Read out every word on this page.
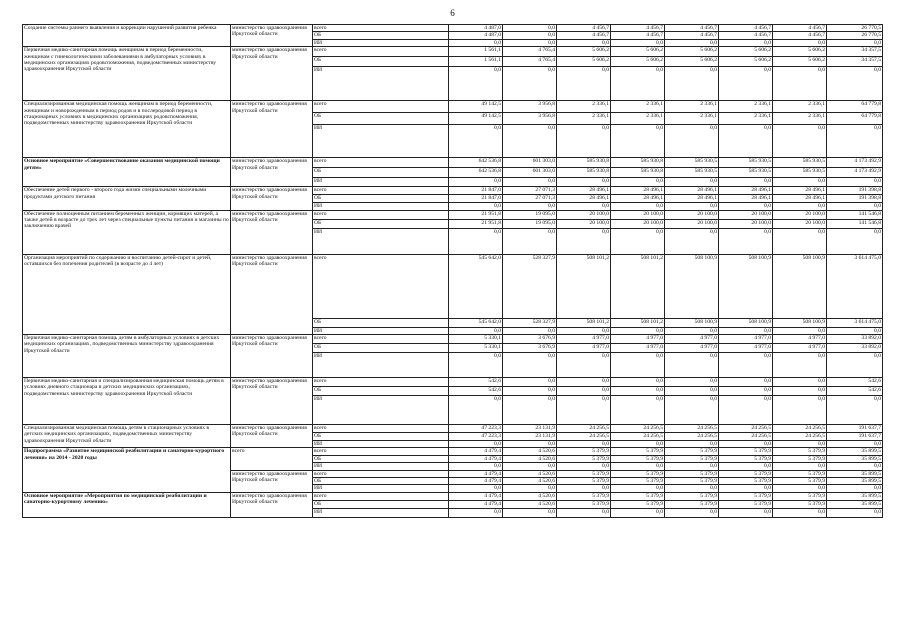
6
Создание системы раннего выявления и коррекции нарушений развития ребенка	министерство здравоохранения Иркутской области	всего	4 487,0	0,0	4 456,7	4 456,7	4 456,7	4 456,7	4 456,7	26 770,5
		ОБ	4 487,0	0,0	4 456,7	4 456,7	4 456,7	4 456,7	4 456,7	26 770,5
		ИИ	0,0	0,0	0,0	0,0	0,0	0,0	0,0	0,0
Первичная медико-санитарная помощь женщинам в период беременности, женщинам с гинекологическими заболеваниями в амбулаторных условиях в медицинских организациях родовспоможения, подведомственных министерству здравоохранения Иркутской области	министерство здравоохранения Иркутской области	всего	1 561,1	4 765,4	5 606,2	5 606,2	5 606,2	5 606,2	5 606,2	34 357,5
		ОБ	1 561,1	4 765,4	5 606,2	5 606,2	5 606,2	5 606,2	5 606,2	34 357,5
		ИИ	0,0	0,0	0,0	0,0	0,0	0,0	0,0	0,0
Специализированная медицинская помощь женщинам в период беременности, женщинам и новорожденным в период родов и в послеродовой период в стационарных условиях в медицинских организациях родовспоможения, подведомственных министерству здравоохранения Иркутской области	министерство здравоохранения Иркутской области	всего	49 142,5	3 956,8	2 336,1	2 336,1	2 336,1	2 336,1	2 336,1	64 779,8
		ОБ	49 142,5	3 956,8	2 336,1	2 336,1	2 336,1	2 336,1	2 336,1	64 779,8
		ИИ	0,0	0,0	0,0	0,0	0,0	0,0	0,0	0,0
Основное мероприятие «Совершенствование оказания медицинской помощи детям»	министерство здравоохранения Иркутской области	всего	642 536,8	601 303,0	585 930,8	585 930,8	585 930,5	585 930,5	585 930,5	4 173 492,9
		ОБ	642 536,8	601 303,0	585 930,8	585 930,8	585 930,5	585 930,5	585 930,5	4 173 492,9
		ИИ	0,0	0,0	0,0	0,0	0,0	0,0	0,0	0,0
Обеспечение детей первого - второго года жизни специальными молочными продуктами детского питания	министерство здравоохранения Иркутской области	всего	21 847,0	27 071,3	28 496,1	28 496,1	28 496,1	28 496,1	28 496,1	191 398,8
		ОБ	21 847,0	27 071,3	28 496,1	28 496,1	28 496,1	28 496,1	28 496,1	191 398,8
		ИИ	0,0	0,0	0,0	0,0	0,0	0,0	0,0	0,0
Обеспечение полноценным питанием беременных женщин, кормящих матерей, а также детей в возрасте до трех лет через специальные пункты питания и магазины по заключению врачей	министерство здравоохранения Иркутской области	всего	21 951,8	19 095,0	20 100,0	20 100,0	20 100,0	20 100,0	20 100,0	141 546,8
		ОБ	21 951,8	19 095,0	20 100,0	20 100,0	20 100,0	20 100,0	20 100,0	141 546,8
		ИИ	0,0	0,0	0,0	0,0	0,0	0,0	0,0	0,0
Организация мероприятий по содержанию и воспитанию детей-сирот и детей, оставшихся без попечения родителей (в возрасте до 4 лет)	министерство здравоохранения Иркутской области	всего	545 642,0	528 327,9	508 101,2	508 101,2	508 100,9	508 100,9	508 100,9	3 614 475,0
		ОБ	545 642,0	528 327,9	508 101,2	508 101,2	508 100,9	508 100,9	508 100,9	3 614 475,0
		ИИ	0,0	0,0	0,0	0,0	0,0	0,0	0,0	0,0
Первичная медико-санитарная помощь детям в амбулаторных условиях в детских медицинских организациях, подведомственных министерству здравоохранения Иркутской области	министерство здравоохранения Иркутской области	всего	5 330,1	3 676,9	4 977,0	4 977,0	4 977,0	4 977,0	4 977,0	33 892,0
		ОБ	5 330,1	3 676,9	4 977,0	4 977,0	4 977,0	4 977,0	4 977,0	33 892,0
		ИИ	0,0	0,0	0,0	0,0	0,0	0,0	0,0	0,0
Первичная медико-санитарная и специализированная медицинская помощь детям в условиях дневного стационара в детских медицинских организациях, подведомственных министерству здравоохранения Иркутской области	министерство здравоохранения Иркутской области	всего	542,6	0,0	0,0	0,0	0,0	0,0	0,0	542,6
		ОБ	542,6	0,0	0,0	0,0	0,0	0,0	0,0	542,6
		ИИ	0,0	0,0	0,0	0,0	0,0	0,0	0,0	0,0
Специализированная медицинская помощь детям в стационарных условиях в детских медицинских организациях, подведомственных министерству здравоохранения Иркутской области	министерство здравоохранения Иркутской области	всего	47 223,3	23 131,9	24 256,5	24 256,5	24 256,5	24 256,5	24 256,5	191 637,7
		ОБ	47 223,3	23 131,9	24 256,5	24 256,5	24 256,5	24 256,5	24 256,5	191 637,7
		ИИ	0,0	0,0	0,0	0,0	0,0	0,0	0,0	0,0
Подпрограмма «Развитие медицинской реабилитации и санаторно-курортного лечения» на 2014 - 2020 годы	всего	всего	4 479,4	4 520,6	5 379,9	5 379,9	5 379,9	5 379,9	5 379,9	35 899,5
		ОБ	4 479,4	4 520,6	5 379,9	5 379,9	5 379,9	5 379,9	5 379,9	35 899,5
		ИИ	0,0	0,0	0,0	0,0	0,0	0,0	0,0	0,0
	министерство здравоохранения Иркутской области	всего	4 479,4	4 520,6	5 379,9	5 379,9	5 379,9	5 379,9	5 379,9	35 899,5
		ОБ	4 479,4	4 520,6	5 379,9	5 379,9	5 379,9	5 379,9	5 379,9	35 899,5
		ИИ	0,0	0,0	0,0	0,0	0,0	0,0	0,0	0,0
Основное мероприятие «Мероприятия по медицинской реабилитации и санаторно-курортному лечению»	министерство здравоохранения Иркутской области	всего	4 479,4	4 520,6	5 379,9	5 379,9	5 379,9	5 379,9	5 379,9	35 899,5
		ОБ	4 479,4	4 520,6	5 379,9	5 379,9	5 379,9	5 379,9	5 379,9	35 899,5
		ИИ	0,0	0,0	0,0	0,0	0,0	0,0	0,0	0,0
